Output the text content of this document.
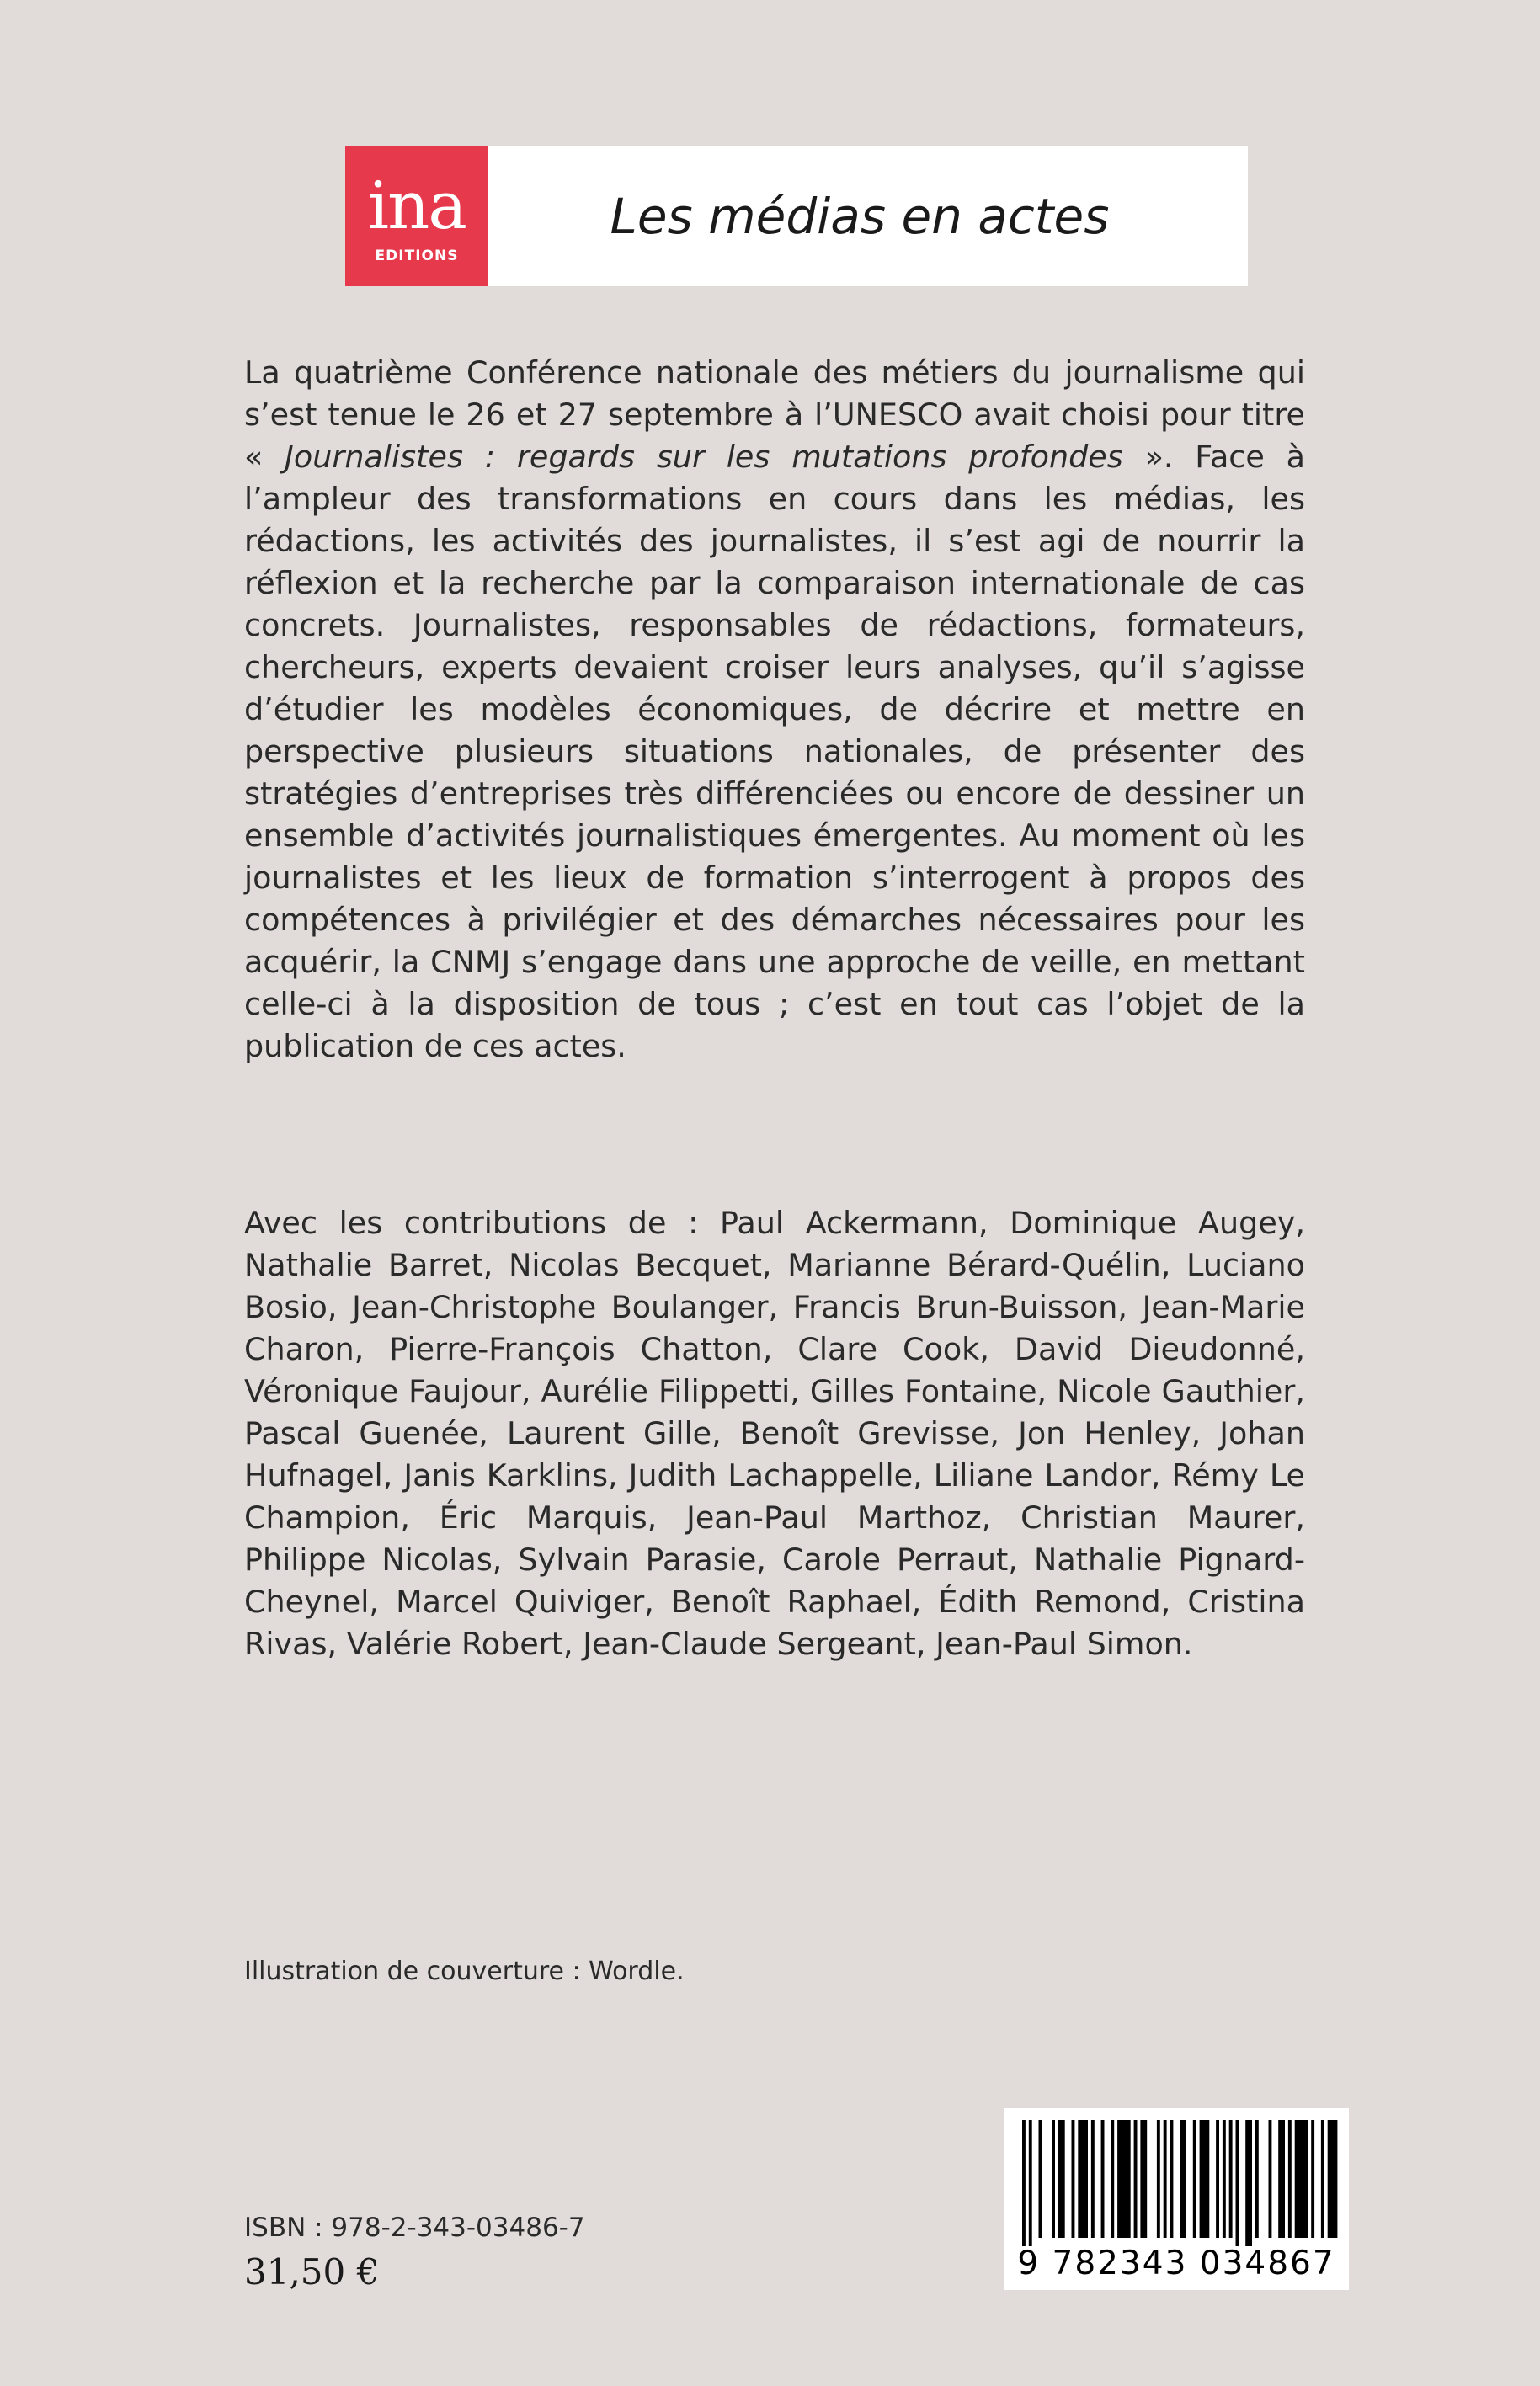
ina
EDITIONS
Les médias en actes

La quatrième Conférence nationale des métiers du journalisme qui s’est tenue le 26 et 27 septembre à l’UNESCO avait choisi pour titre « Journalistes : regards sur les mutations profondes ». Face à l’ampleur des transformations en cours dans les médias, les rédactions, les activités des journalistes, il s’est agi de nourrir la réflexion et la recherche par la comparaison internationale de cas concrets. Journalistes, responsables de rédactions, formateurs, chercheurs, experts devaient croiser leurs analyses, qu’il s’agisse d’étudier les modèles économiques, de décrire et mettre en perspective plusieurs situations nationales, de présenter des stratégies d’entreprises très différenciées ou encore de dessiner un ensemble d’activités journalistiques émergentes. Au moment où les journalistes et les lieux de formation s’interrogent à propos des compétences à privilégier et des démarches nécessaires pour les acquérir, la CNMJ s’engage dans une approche de veille, en mettant celle-ci à la disposition de tous ; c’est en tout cas l’objet de la publication de ces actes.

Avec les contributions de : Paul Ackermann, Dominique Augey, Nathalie Barret, Nicolas Becquet, Marianne Bérard-Quélin, Luciano Bosio, Jean-Christophe Boulanger, Francis Brun-Buisson, Jean-Marie Charon, Pierre-François Chatton, Clare Cook, David Dieudonné, Véronique Faujour, Aurélie Filippetti, Gilles Fontaine, Nicole Gauthier, Pascal Guenée, Laurent Gille, Benoît Grevisse, Jon Henley, Johan Hufnagel, Janis Karklins, Judith Lachappelle, Liliane Landor, Rémy Le Champion, Éric Marquis, Jean-Paul Marthoz, Christian Maurer, Philippe Nicolas, Sylvain Parasie, Carole Perraut, Nathalie Pignard-Cheynel, Marcel Quiviger, Benoît Raphael, Édith Remond, Cristina Rivas, Valérie Robert, Jean-Claude Sergeant, Jean-Paul Simon.

Illustration de couverture : Wordle.
ISBN : 978-2-343-03486-7
31,50 €	9 782343 034867
